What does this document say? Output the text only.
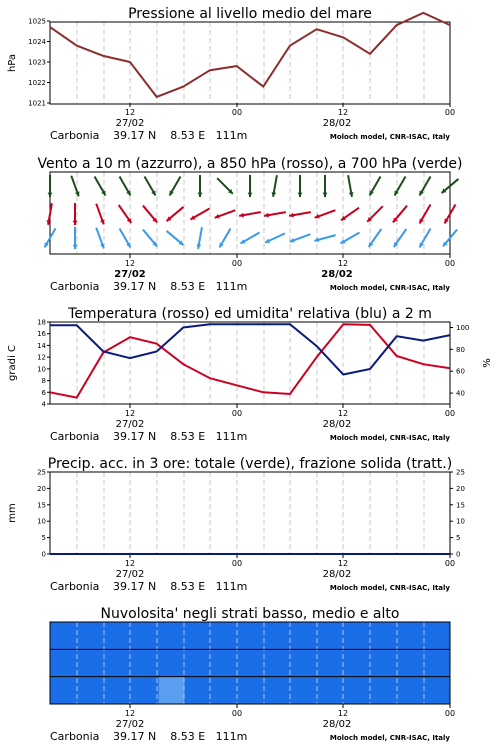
Pressione al livello medio del mare
12	00	12	00
27/02	28/02
Carbonia 39.17 N    8.53 E   111m	Moloch model, CNR-ISAC, Italy
1021
1022
1023
1024
1025
hPa
Vento a 10 m (azzurro), a 850 hPa (rosso), a 700 hPa (verde)
12	00	12	00
27/02	28/02
Carbonia 39.17 N    8.53 E   111m	Moloch model, CNR-ISAC, Italy
Temperatura (rosso) ed umidita' relativa (blu) a 2 m
12	00	12	00
27/02	28/02
Carbonia 39.17 N    8.53 E   111m	Moloch model, CNR-ISAC, Italy
4
6
8
10
12
14
16
18
gradi C
40
60
80
100
%
Precip. acc. in 3 ore: totale (verde), frazione solida (tratt.)
12	00	12	00
27/02	28/02
Carbonia 39.17 N    8.53 E   111m	Moloch model, CNR-ISAC, Italy
0
5
10
15
20
25
mm
0
5
10
15
20
25
Nuvolosita' negli strati basso, medio e alto
12	00	12	00
27/02	28/02
Carbonia 39.17 N    8.53 E   111m	Moloch model, CNR-ISAC, Italy
